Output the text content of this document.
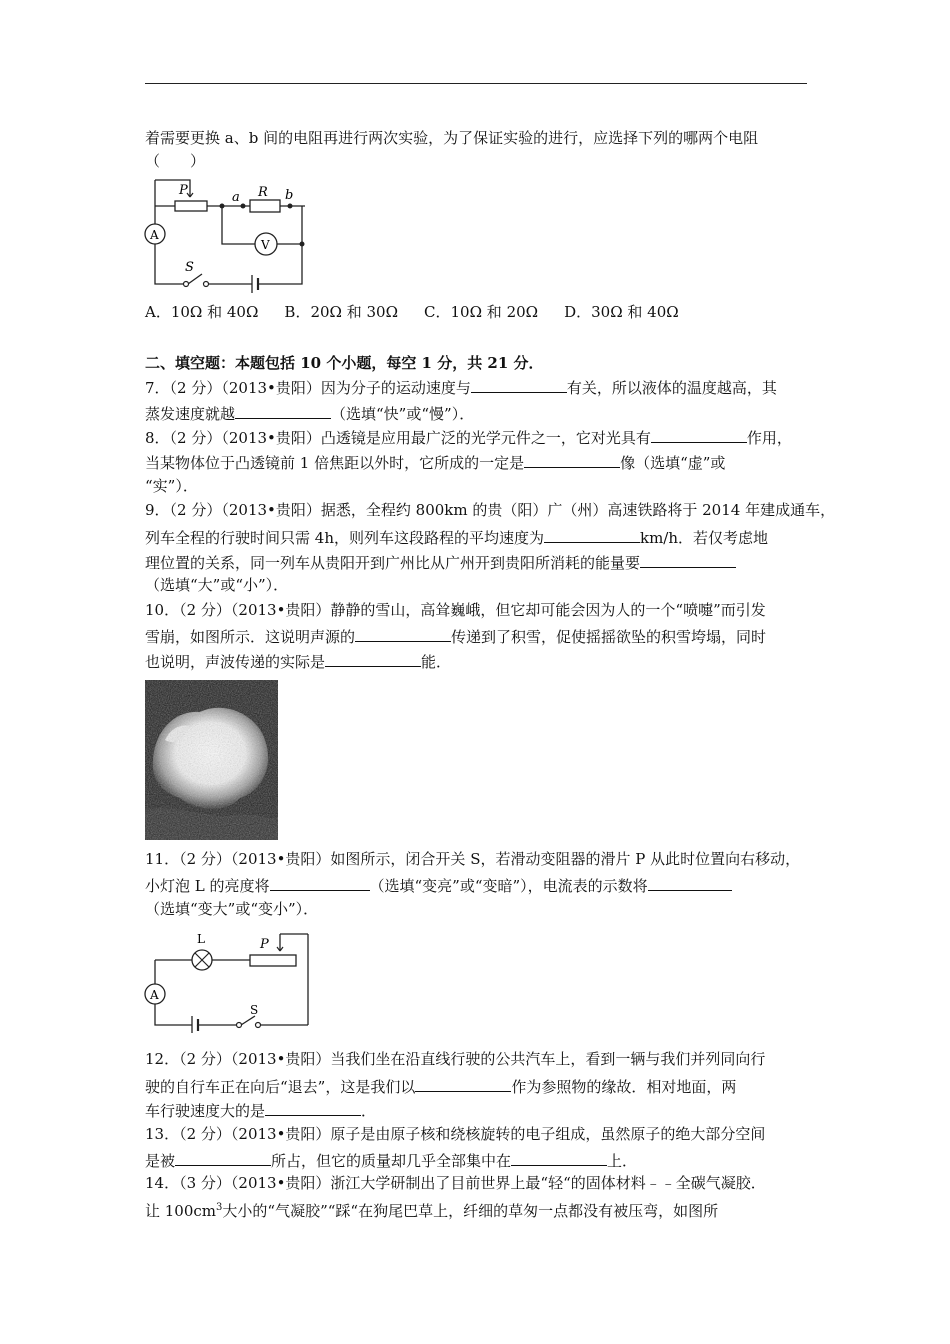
着需要更换 a、b 间的电阻再进行两次实验，为了保证实验的进行，应选择下列的哪两个电阻
（　　）
P	a R b
A
V
S
A．10Ω 和 40Ω B．20Ω 和 30Ω C．10Ω 和 20Ω D．30Ω 和 40Ω
二、填空题：本题包括 10 个小题，每空 1 分，共 21 分．
7．（2 分）（2013•贵阳）因为分子的运动速度与	有关，所以液体的温度越高，其
蒸发速度就越	（选填“快”或“慢”）．
8．（2 分）（2013•贵阳）凸透镜是应用最广泛的光学元件之一，它对光具有	作用，
当某物体位于凸透镜前 1 倍焦距以外时，它所成的一定是	像（选填“虚”或
“实”）．
9．（2 分）（2013•贵阳）据悉，全程约 800km 的贵（阳）广（州）高速铁路将于 2014 年建成通车，
列车全程的行驶时间只需 4h，则列车这段路程的平均速度为	km/h．若仅考虑地
理位置的关系，同一列车从贵阳开到广州比从广州开到贵阳所消耗的能量要
（选填“大”或“小”）．
10．（2 分）（2013•贵阳）静静的雪山，高耸巍峨，但它却可能会因为人的一个“喷嚏”而引发
雪崩，如图所示．这说明声源的	传递到了积雪，促使摇摇欲坠的积雪垮塌，同时
也说明，声波传递的实际是	能．
11．（2 分）（2013•贵阳）如图所示，闭合开关 S，若滑动变阻器的滑片 P 从此时位置向右移动，
小灯泡 L 的亮度将	（选填“变亮”或“变暗”），电流表的示数将
（选填“变大”或“变小”）．
L	P
A
S
12．（2 分）（2013•贵阳）当我们坐在沿直线行驶的公共汽车上，看到一辆与我们并列同向行
驶的自行车正在向后“退去”，这是我们以	作为参照物的缘故．相对地面，两
车行驶速度大的是	．
13．（2 分）（2013•贵阳）原子是由原子核和绕核旋转的电子组成，虽然原子的绝大部分空间
是被	所占，但它的质量却几乎全部集中在	上．
14．（3 分）（2013•贵阳）浙江大学研制出了目前世界上最“轻“的固体材料﹣﹣全碳气凝胶．
让 $100cm^3$大小的“气凝胶”“踩“在狗尾巴草上，纤细的草匆一点都没有被压弯，如图所
